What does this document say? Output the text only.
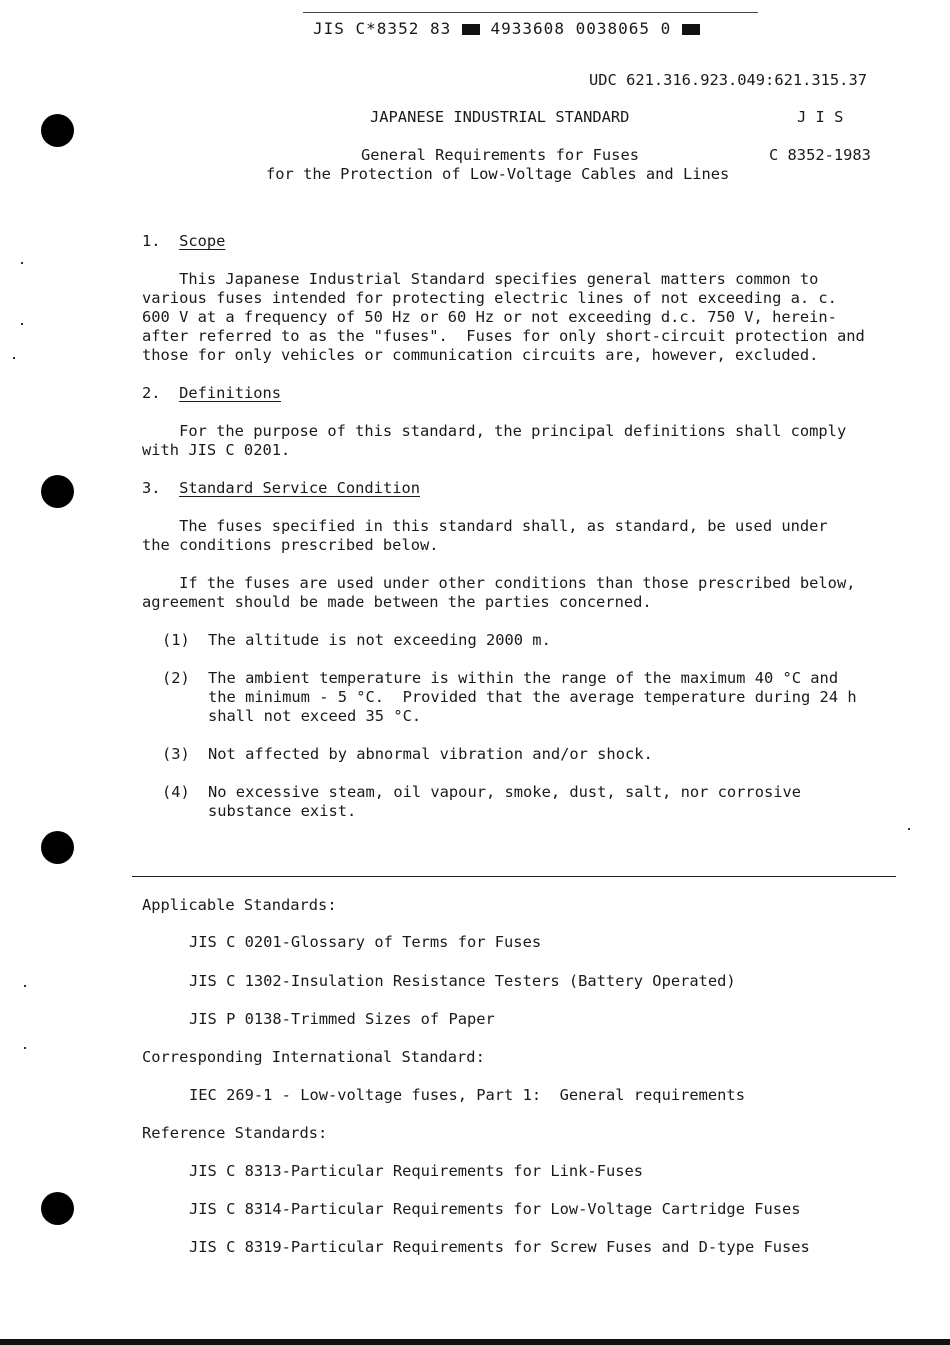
JIS C*8352 83 4933608 0038065 0
UDC 621.316.923.049:621.315.37
JAPANESE INDUSTRIAL STANDARD	J I S
General Requirements for Fuses	C 8352-1983
for the Protection of Low-Voltage Cables and Lines
1. Scope

This Japanese Industrial Standard specifies general matters common to

various fuses intended for protecting electric lines of not exceeding a. c.

600 V at a frequency of 50 Hz or 60 Hz or not exceeding d.c. 750 V, herein-

after referred to as the "fuses".  Fuses for only short-circuit protection and

those for only vehicles or communication circuits are, however, excluded.

2. Definitions

For the purpose of this standard, the principal definitions shall comply

with JIS C 0201.

3. Standard Service Condition

The fuses specified in this standard shall, as standard, be used under

the conditions prescribed below.

If the fuses are used under other conditions than those prescribed below,

agreement should be made between the parties concerned.

(1) The altitude is not exceeding 2000 m.

(2) The ambient temperature is within the range of the maximum 40 °C and

the minimum - 5 °C.  Provided that the average temperature during 24 h

shall not exceed 35 °C.

(3) Not affected by abnormal vibration and/or shock.

(4) No excessive steam, oil vapour, smoke, dust, salt, nor corrosive

substance exist.

Applicable Standards:
JIS C 0201-Glossary of Terms for Fuses
JIS C 1302-Insulation Resistance Testers (Battery Operated)
JIS P 0138-Trimmed Sizes of Paper
Corresponding International Standard:
IEC 269-1 - Low-voltage fuses, Part 1:  General requirements
Reference Standards:
JIS C 8313-Particular Requirements for Link-Fuses
JIS C 8314-Particular Requirements for Low-Voltage Cartridge Fuses
JIS C 8319-Particular Requirements for Screw Fuses and D-type Fuses
